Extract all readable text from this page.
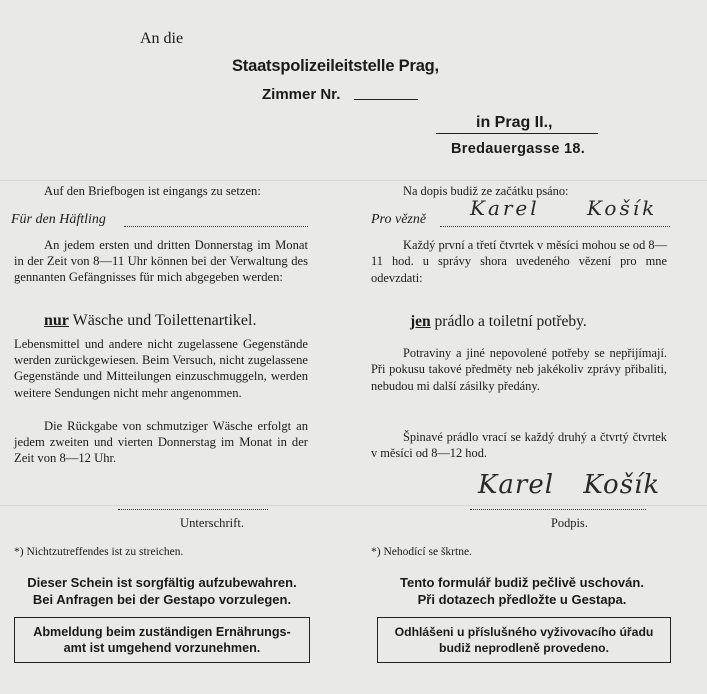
An die
Staatspolizeileitstelle Prag,
Zimmer Nr.
in Prag II.,
Bredauergasse 18.
Auf den Briefbogen ist eingangs zu setzen:
Für den Häftling
An jedem ersten und dritten Donnerstag im Monat in der Zeit von 8—11 Uhr können bei der Verwaltung des gennanten Gefängnisses für mich abgegeben werden:
nur Wäsche und Toilettenartikel.
Lebensmittel und andere nicht zugelassene Gegenstände werden zurückgewiesen. Beim Versuch, nicht zugelassene Gegenstände und Mitteilungen einzuschmuggeln, werden weitere Sendungen nicht mehr angenommen.
Die Rückgabe von schmutziger Wäsche erfolgt an jedem zweiten und vierten Donnerstag im Monat in der Zeit von 8—12 Uhr.
Unterschrift.
*) Nichtzutreffendes ist zu streichen.
Dieser Schein ist sorgfältig aufzubewahren.
Bei Anfragen bei der Gestapo vorzulegen.
Abmeldung beim zuständigen Ernährungs-
amt ist umgehend vorzunehmen.
Na dopis budiž ze začátku psáno:
Pro vězně Karel Košík
Každý první a třetí čtvrtek v měsíci mohou se od 8—11 hod. u správy shora uvedeného vězení pro mne odevzdati:
jen prádlo a toiletní potřeby.
Potraviny a jiné nepovolené potřeby se nepřijímají. Při pokusu takové předměty neb jakékoliv zprávy přibaliti, nebudou mi další zásilky předány.
Špinavé prádlo vrací se každý druhý a čtvrtý čtvrtek v měsíci od 8—12 hod.
Karel Košík
Podpis.
*) Nehodící se škrtne.
Tento formulář budiž pečlivě uschován.
Při dotazech předložte u Gestapa.
Odhlášeni u příslušného vyživovacího úřadu
budiž neprodleně provedeno.
